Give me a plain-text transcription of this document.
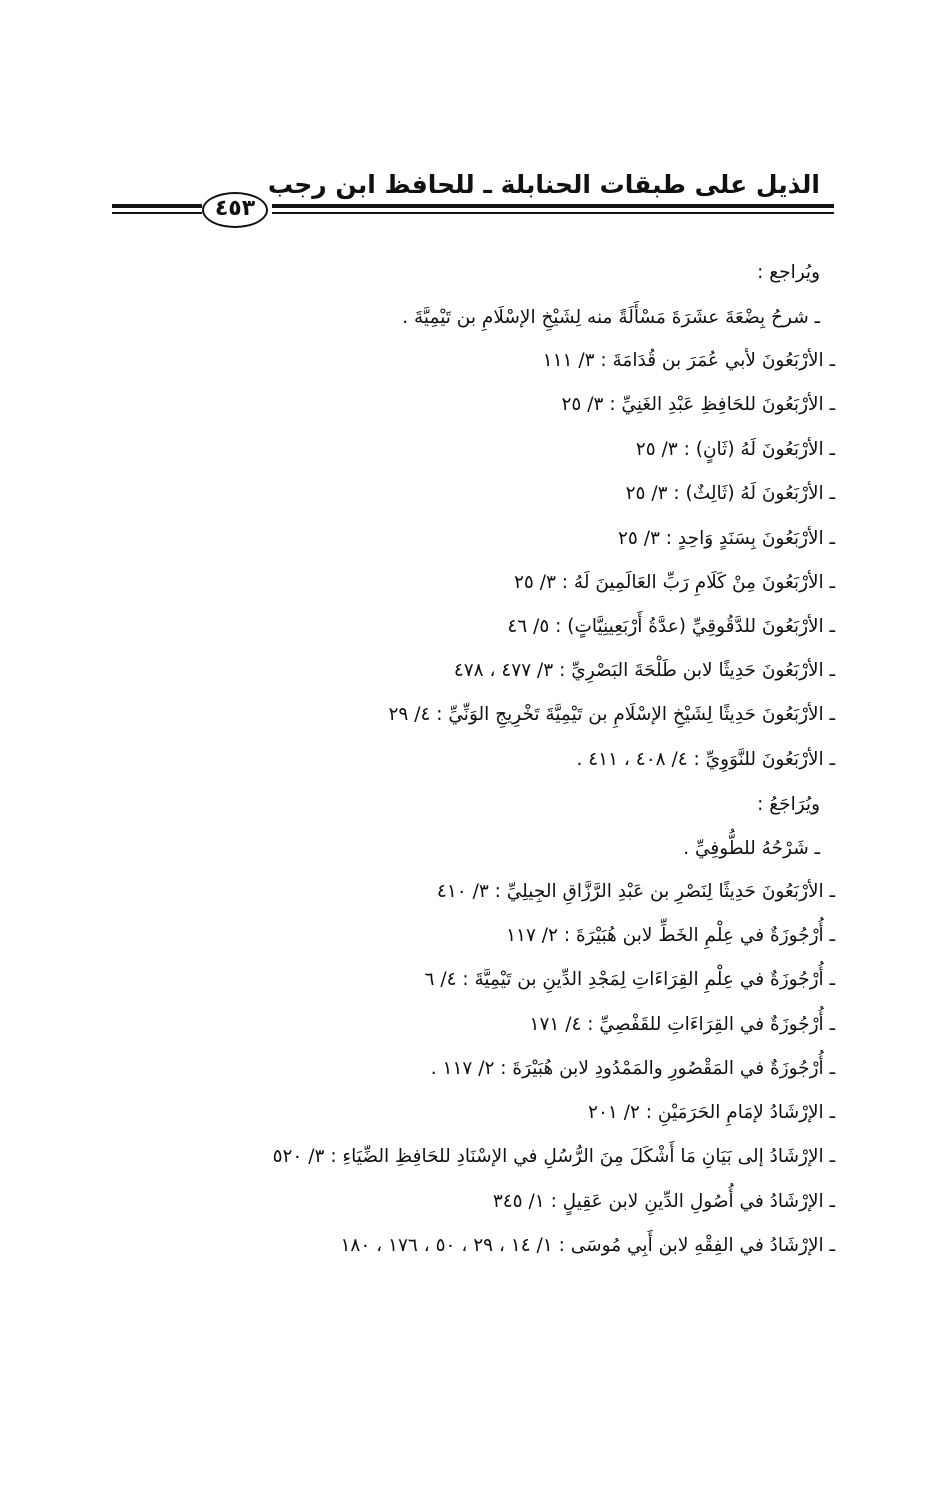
الذيل على طبقات الحنابلة ـ للحافظ ابن رجب
٤٥٣
ويُراجع :
ـ شرحُ بِضْعَةَ عشَرَةَ مَسْأَلَةً منه لِشَيْخِ الإسْلَامِ بن تَيْمِيَّةَ .
ـ الأرْبَعُونَ لأبي عُمَرَ بن قُدَامَةَ : ٣/ ١١١
ـ الأرْبَعُونَ للحَافِظِ عَبْدِ الغَنِيِّ : ٣/ ٢٥
ـ الأرْبَعُونَ لَهُ (ثَانٍ) : ٣/ ٢٥
ـ الأرْبَعُونَ لَهُ (ثَالِثٌ) : ٣/ ٢٥
ـ الأرْبَعُونَ بِسَنَدٍ وَاحِدٍ : ٣/ ٢٥
ـ الأرْبَعُونَ مِنْ كَلَامِ رَبِّ العَالَمِينَ لَهُ : ٣/ ٢٥
ـ الأرْبَعُونَ للدَّقُوقِيِّ (عدَّةُ أَرْبَعِينِيَّاتٍ) : ٥/ ٤٦
ـ الأرْبَعُونَ حَدِيثًا لابن طَلْحَةَ البَصْرِيِّ : ٣/ ٤٧٧ ، ٤٧٨
ـ الأرْبَعُونَ حَدِيثًا لِشَيْخِ الإسْلَامِ بن تَيْمِيَّةَ تَخْرِيجِ الوَنِّيِّ : ٤/ ٢٩
ـ الأرْبَعُونَ للنَّوَوِيِّ : ٤/ ٤٠٨ ، ٤١١ .
ويُرَاجَعُ :
ـ شَرْحُهُ للطُّوفِيِّ .
ـ الأرْبَعُونَ حَدِيثًا لِنَصْرِ بن عَبْدِ الرَّزَّاقِ الجِيلِيِّ : ٣/ ٤١٠
ـ أُرْجُوزَةٌ في عِلْمِ الخَطِّ لابن هُبَيْرَةَ : ٢/ ١١٧
ـ أُرْجُوزَةٌ في عِلْمِ القِرَاءَاتِ لِمَجْدِ الدِّينِ بن تَيْمِيَّةَ : ٤/ ٦
ـ أُرْجُوزَةٌ في القِرَاءَاتِ للقَفْصِيِّ : ٤/ ١٧١
ـ أُرْجُوزَةٌ في المَقْصُورِ والمَمْدُودِ لابن هُبَيْرَةَ : ٢/ ١١٧ .
ـ الإرْشَادُ لإمَامِ الحَرَمَيْنِ : ٢/ ٢٠١
ـ الإرْشَادُ إلى بَيَانِ مَا أَشْكَلَ مِنَ الرُّسُلِ في الإسْنَادِ للحَافِظِ الضِّيَاءِ : ٣/ ٥٢٠
ـ الإرْشَادُ في أُصُولِ الدِّينِ لابن عَقِيلٍ : ١/ ٣٤٥
ـ الإرْشَادُ في الفِقْهِ لابن أَبِي مُوسَى : ١/ ١٤ ، ٢٩ ، ٥٠ ، ١٧٦ ، ١٨٠
